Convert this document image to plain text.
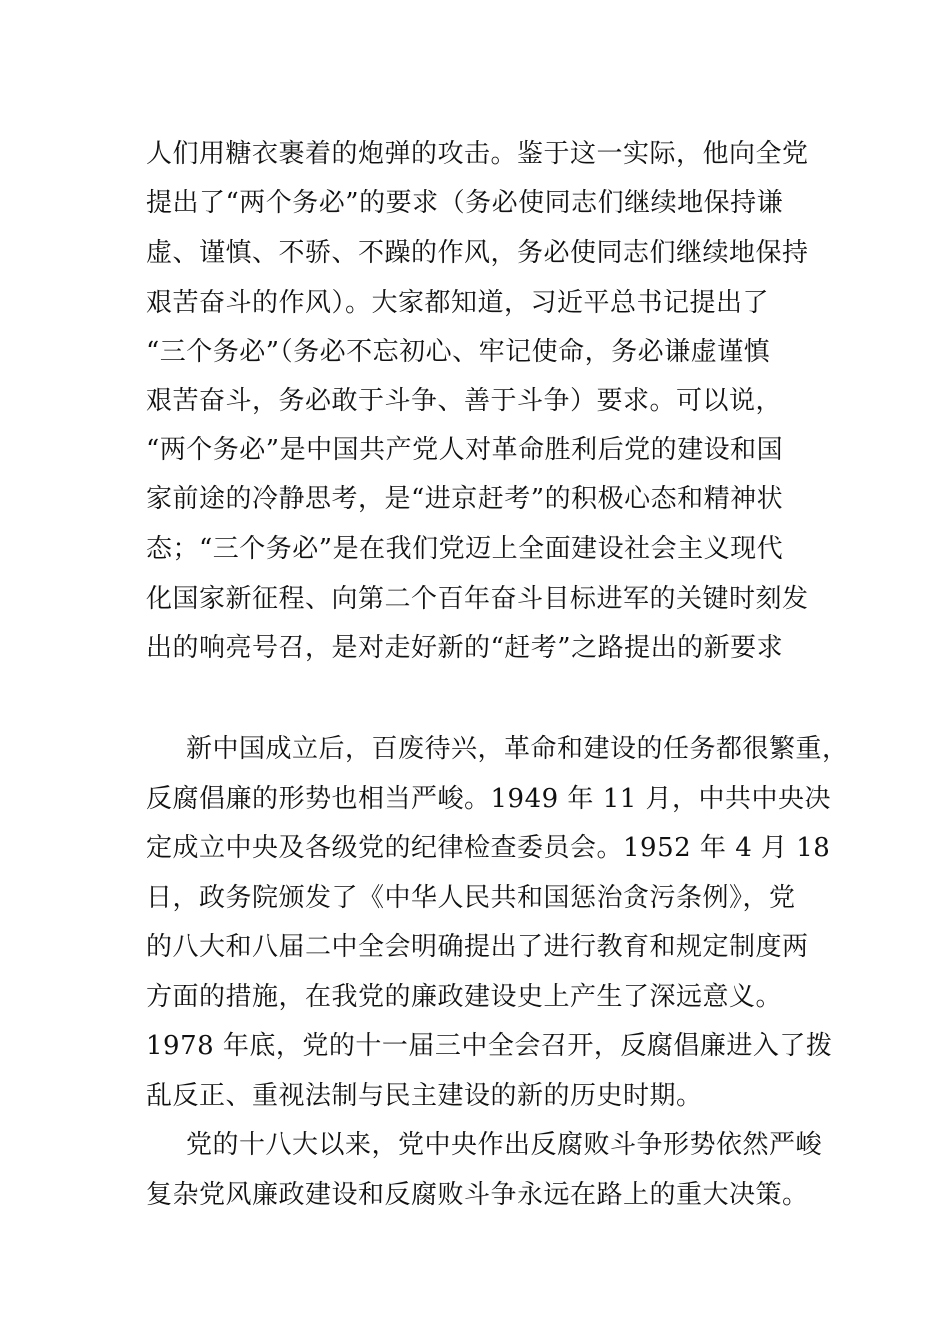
人们用糖衣裹着的炮弹的攻击。鉴于这一实际，他向全党
提出了“两个务必”的要求（务必使同志们继续地保持谦
虚、谨慎、不骄、不躁的作风，务必使同志们继续地保持
艰苦奋斗的作风）。大家都知道，习近平总书记提出了
“三个务必”（务必不忘初心、牢记使命，务必谦虚谨慎
艰苦奋斗，务必敢于斗争、善于斗争）要求。可以说，
“两个务必”是中国共产党人对革命胜利后党的建设和国
家前途的冷静思考，是“进京赶考”的积极心态和精神状
态；“三个务必”是在我们党迈上全面建设社会主义现代
化国家新征程、向第二个百年奋斗目标进军的关键时刻发
出的响亮号召，是对走好新的“赶考”之路提出的新要求
新中国成立后，百废待兴，革命和建设的任务都很繁重，
反腐倡廉的形势也相当严峻。1949 年 11 月，中共中央决
定成立中央及各级党的纪律检查委员会。1952 年 4 月 18
日，政务院颁发了《中华人民共和国惩治贪污条例》，党
的八大和八届二中全会明确提出了进行教育和规定制度两
方面的措施，在我党的廉政建设史上产生了深远意义。
1978 年底，党的十一届三中全会召开，反腐倡廉进入了拨
乱反正、重视法制与民主建设的新的历史时期。
党的十八大以来，党中央作出反腐败斗争形势依然严峻
复杂党风廉政建设和反腐败斗争永远在路上的重大决策。
